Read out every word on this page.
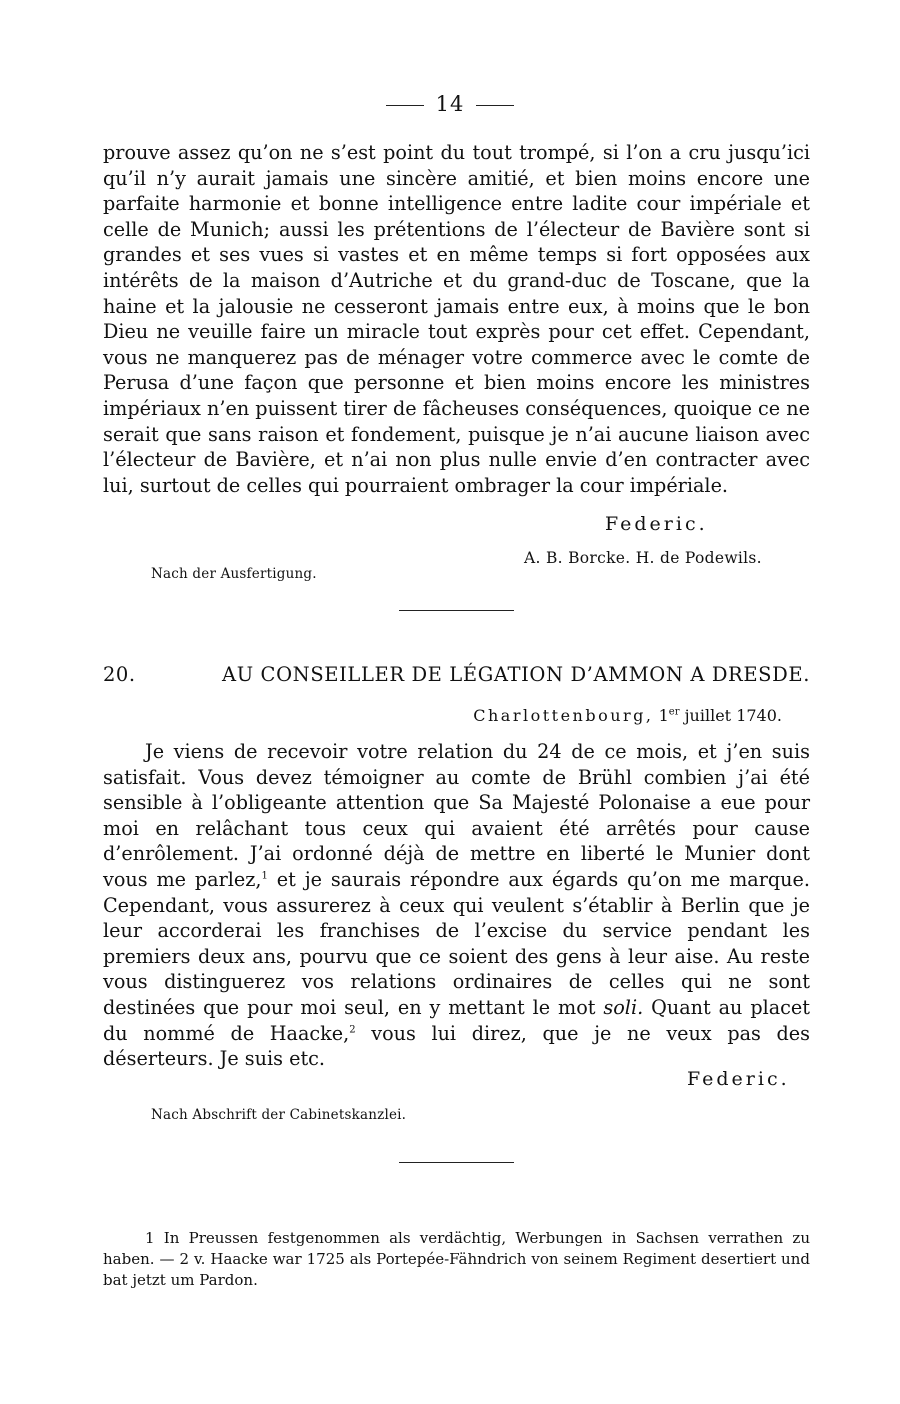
14

prouve assez qu’on ne s’est point du tout trompé, si l’on a cru jusqu’ici qu’il n’y aurait jamais une sincère amitié, et bien moins encore une parfaite harmonie et bonne intelligence entre ladite cour impériale et celle de Munich; aussi les prétentions de l’électeur de Bavière sont si grandes et ses vues si vastes et en même temps si fort opposées aux intérêts de la maison d’Autriche et du grand-duc de Toscane, que la haine et la jalousie ne cesseront jamais entre eux, à moins que le bon Dieu ne veuille faire un miracle tout exprès pour cet effet. Cependant, vous ne manquerez pas de ménager votre commerce avec le comte de Perusa d’une façon que personne et bien moins encore les ministres impériaux n’en puissent tirer de fâcheuses conséquences, quoique ce ne serait que sans raison et fondement, puisque je n’ai aucune liaison avec l’électeur de Bavière, et n’ai non plus nulle envie d’en contracter avec lui, surtout de celles qui pourraient ombrager la cour impériale.

Federic.
A. B. Borcke. H. de Podewils.
Nach der Ausfertigung.
20.	AU CONSEILLER DE LÉGATION D’AMMON A DRESDE.
Charlottenbourg, 1er juillet 1740.

Je viens de recevoir votre relation du 24 de ce mois, et j’en suis satisfait. Vous devez témoigner au comte de Brühl combien j’ai été sensible à l’obligeante attention que Sa Majesté Polonaise a eue pour moi en relâchant tous ceux qui avaient été arrêtés pour cause d’enrôlement. J’ai ordonné déjà de mettre en liberté le Munier dont vous me parlez,$^1$ et je saurais répondre aux égards qu’on me marque. Cependant, vous assurerez à ceux qui veulent s’établir à Berlin que je leur accorderai les franchises de l’excise du service pendant les premiers deux ans, pourvu que ce soient des gens à leur aise. Au reste vous distinguerez vos relations ordinaires de celles qui ne sont destinées que pour moi seul, en y mettant le mot soli. Quant au placet du nommé de Haacke,$^2$ vous lui direz, que je ne veux pas des déserteurs. Je suis etc.

Federic.
Nach Abschrift der Cabinetskanzlei.

1 In Preussen festgenommen als verdächtig, Werbungen in Sachsen verrathen zu haben. — 2 v. Haacke war 1725 als Portepée-Fähndrich von seinem Regiment desertiert und bat jetzt um Pardon.
